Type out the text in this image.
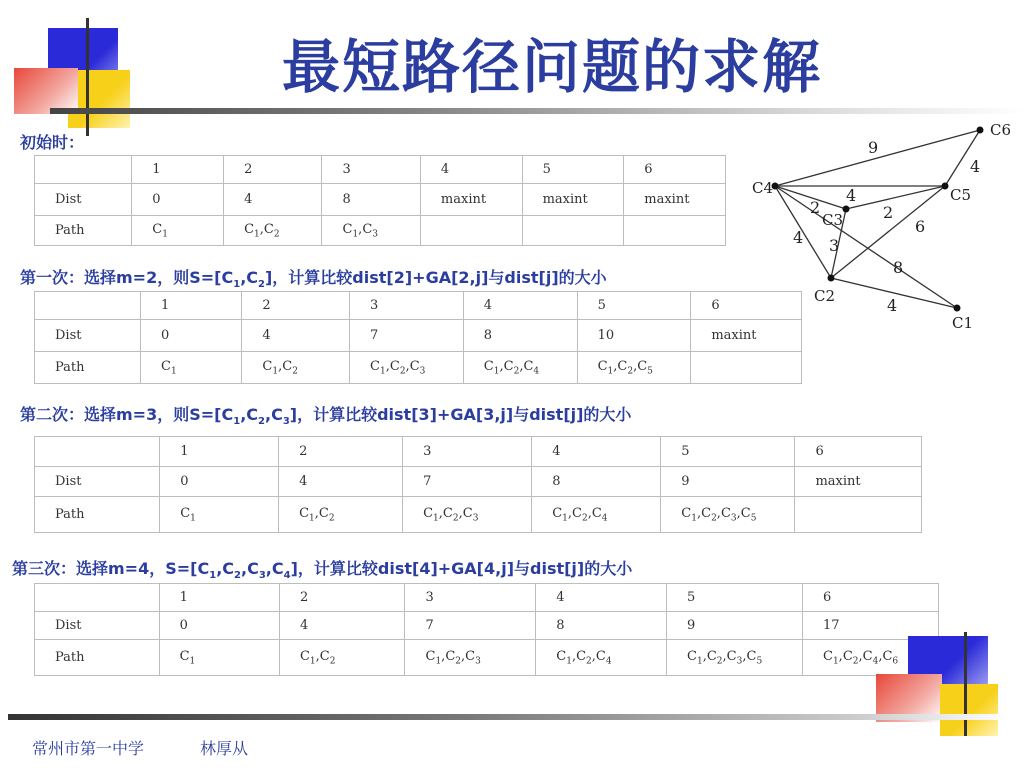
最短路径问题的求解
初始时：
	1	2	3	4	5	6
Dist	0	4	8	maxint	maxint	maxint
Path	$C_1$	$C_1,C_2$	$C_1,C_3$			
第一次：选择m=2，则$S=[C_1,C_2]$，计算比较dist[2]+GA[2,j]与dist[j]的大小
	1	2	3	4	5	6
Dist	0	4	7	8	10	maxint
Path	$C_1$	$C_1,C_2$	$C_1,C_2,C_3$	$C_1,C_2,C_4$	$C_1,C_2,C_5$	
第二次：选择m=3，则$S=[C_1,C_2,C_3]$，计算比较dist[3]+GA[3,j]与dist[j]的大小
	1	2	3	4	5	6
Dist	0	4	7	8	9	maxint
Path	$C_1$	$C_1,C_2$	$C_1,C_2,C_3$	$C_1,C_2,C_4$	$C_1,C_2,C_3,C_5$	
第三次：选择m=4，$S=[C_1,C_2,C_3,C_4]$，计算比较dist[4]+GA[4,j]与dist[j]的大小
	1	2	3	4	5	6
Dist	0	4	7	8	9	17
Path	$C_1$	$C_1,C_2$	$C_1,C_2,C_3$	$C_1,C_2,C_4$	$C_1,C_2,C_3,C_5$	$C_1,C_2,C_4,C_6$
9
4
4
2	2
6
4 3
8
4
C1
C2
C3
C4	C5
C6
常州市第一中学	林厚从
